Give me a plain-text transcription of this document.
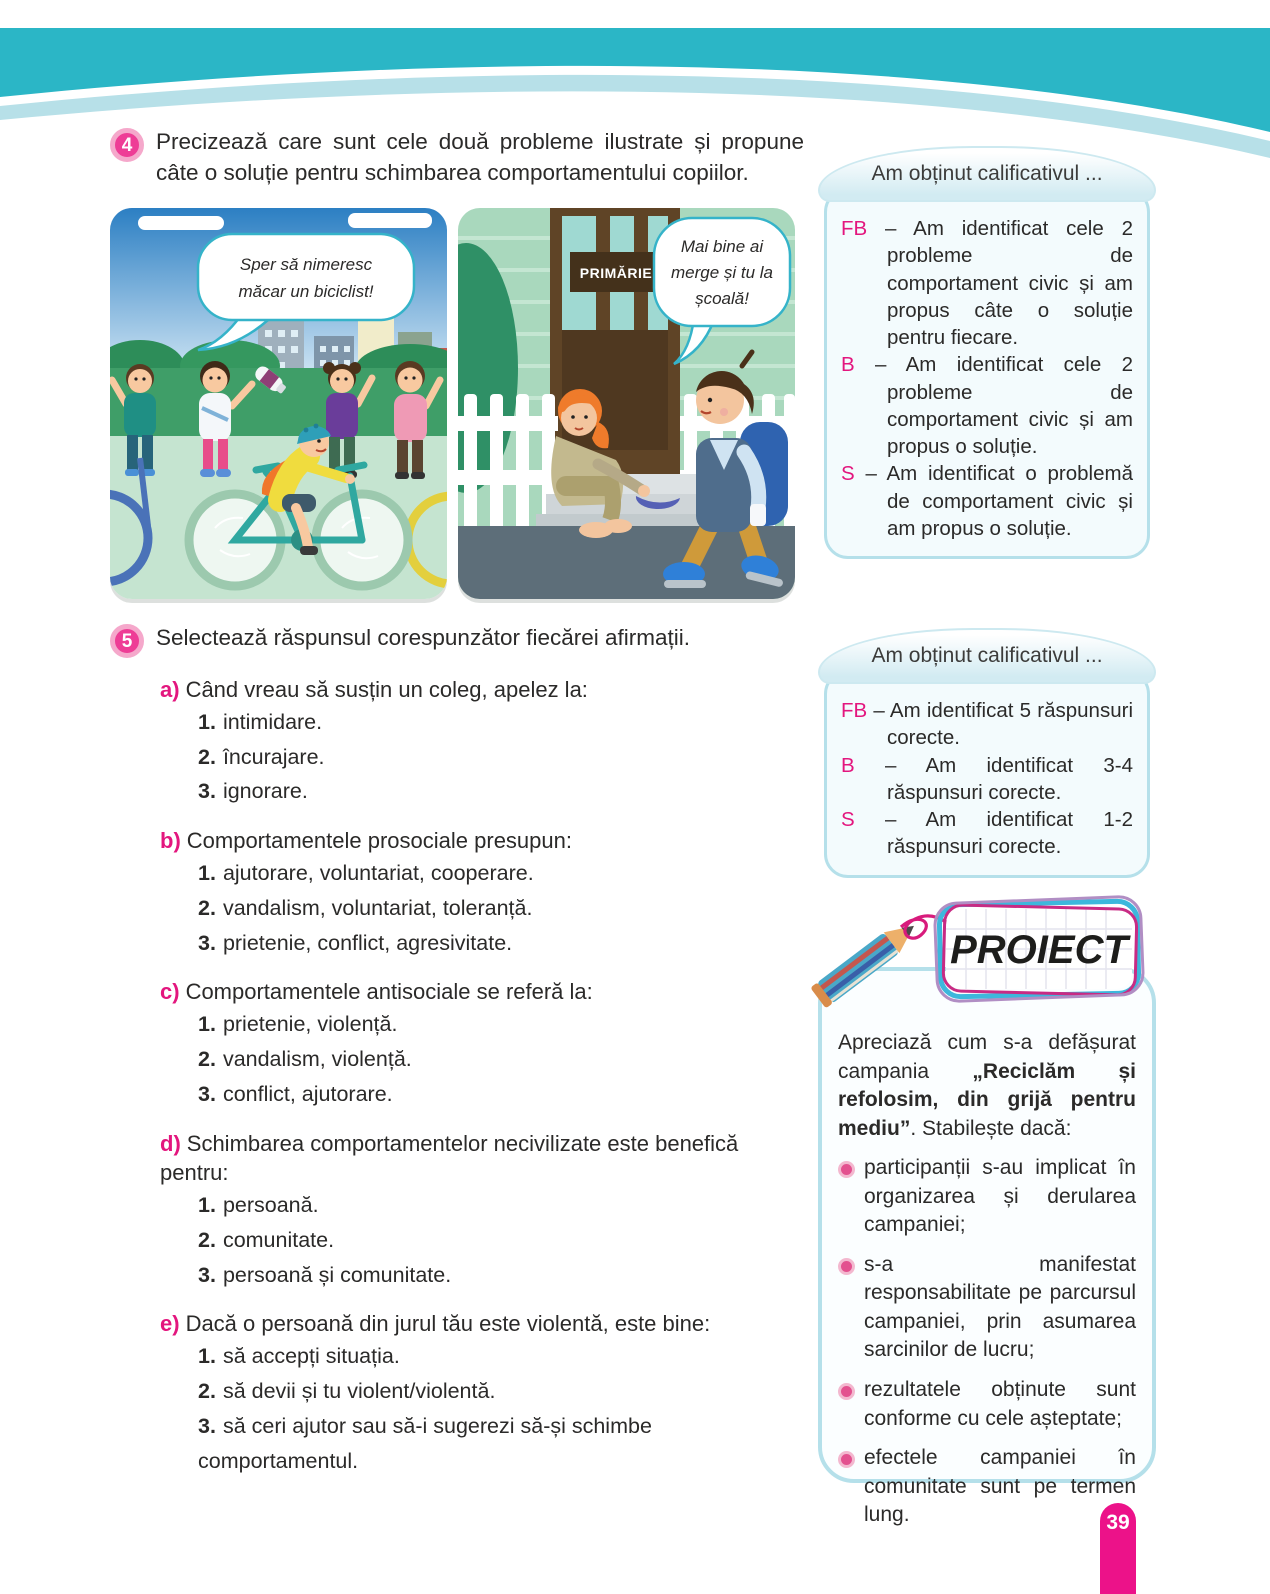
4	Precizează care sunt cele două probleme ilustrate și propune câte o soluție pentru schimbarea comportamentului copiilor.

Sper să nimeresc
măcar un biciclist!
PRIMĂRIE
Mai bine ai
merge și tu la
școală!
5	Selectează răspunsul corespunzător fiecărei afirmații.

a) Când vreau să susțin un coleg, apelez la:
1. intimidare.
2. încurajare.
3. ignorare.
b) Comportamentele prosociale presupun:
1. ajutorare, voluntariat, cooperare.
2. vandalism, voluntariat, toleranță.
3. prietenie, conflict, agresivitate.
c) Comportamentele antisociale se referă la:
1. prietenie, violență.
2. vandalism, violență.
3. conflict, ajutorare.
d) Schimbarea comportamentelor necivilizate este benefică pentru:
1. persoană.
2. comunitate.
3. persoană și comunitate.
e) Dacă o persoană din jurul tău este violentă, este bine:
1. să accepți situația.
2. să devii și tu violent/violentă.
3. să ceri ajutor sau să-i sugerezi să-și schimbe comportamentul.
Am obținut calificativul ...

FB – Am identificat cele 2 probleme de comportament civic și am propus câte o soluție pentru fiecare.

B – Am identificat cele 2 probleme de comportament civic și am propus o soluție.

S – Am identificat o problemă de comportament civic și am propus o soluție.

Am obținut calificativul ...

FB – Am identificat 5 răspunsuri corecte.

B – Am identificat 3-4 răspunsuri corecte.

S – Am identificat 1-2 răspunsuri corecte.

PROIECT

Apreciază cum s-a defășurat campania „Reciclăm și refolosim, din grijă pentru mediu”. Stabilește dacă:

participanții s-au implicat în organizarea și derularea campaniei;

s-a manifestat responsabilitate pe parcursul campaniei, prin asumarea sarcinilor de lucru;

rezultatele obținute sunt conforme cu cele așteptate;

efectele campaniei în comunitate sunt pe termen lung.	39
